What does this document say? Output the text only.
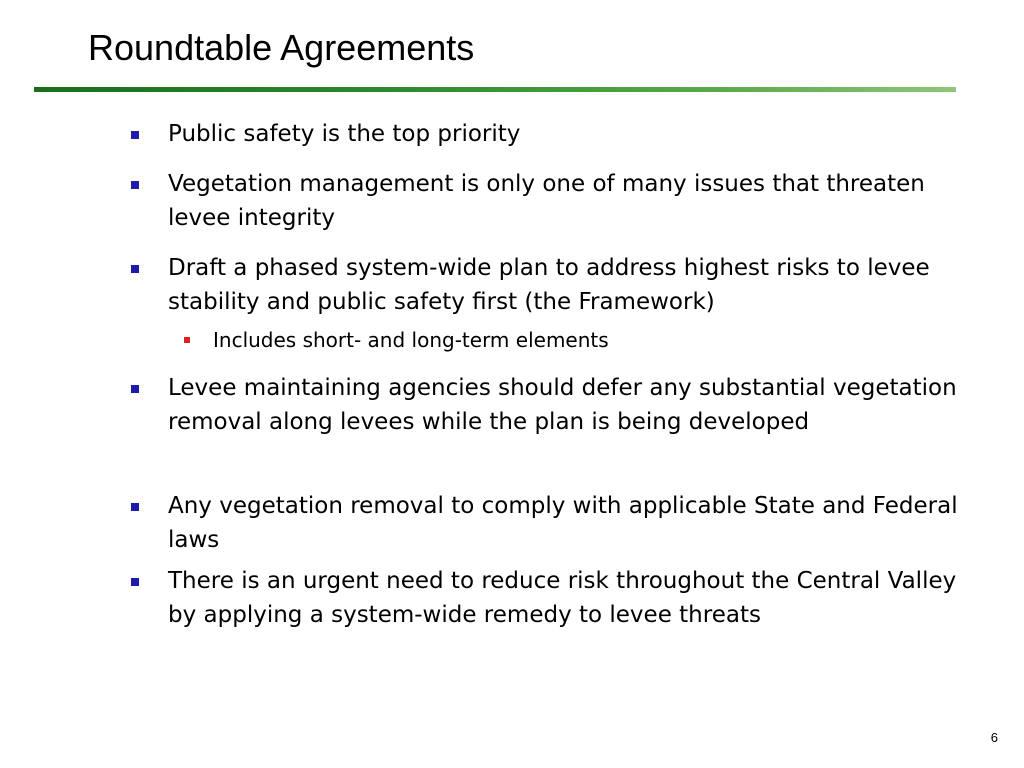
Roundtable Agreements
Public safety is the top priority
Vegetation management is only one of many issues that threaten levee integrity
Draft a phased system-wide plan to address highest risks to levee stability and public safety first (the Framework)
Includes short- and long-term elements
Levee maintaining agencies should defer any substantial vegetation removal along levees while the plan is being developed
Any vegetation removal to comply with applicable State and Federal laws
There is an urgent need to reduce risk throughout the Central Valley by applying a system-wide remedy to levee threats
6
